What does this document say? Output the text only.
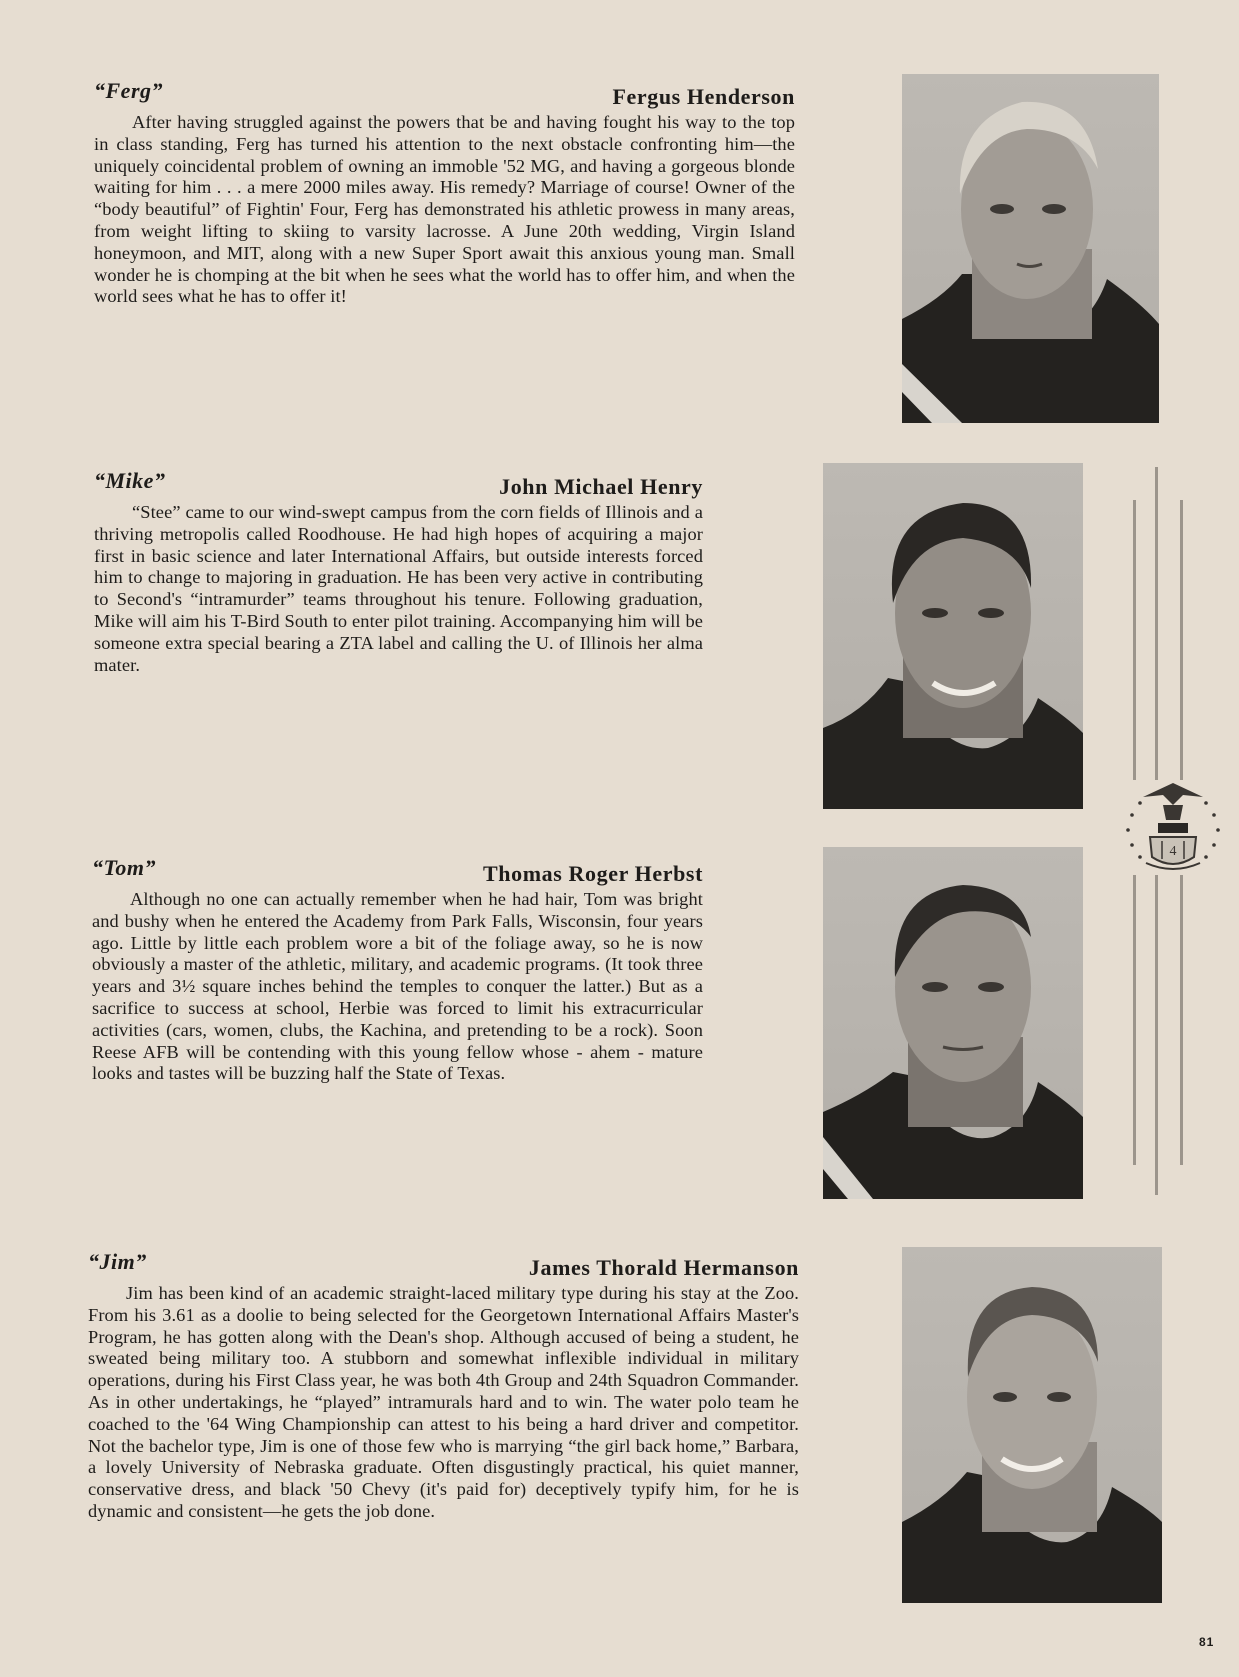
“Ferg”	Fergus Henderson

After having struggled against the powers that be and having fought his way to the top in class standing, Ferg has turned his attention to the next obstacle confronting him—the uniquely coincidental problem of owning an immoble '52 MG, and having a gorgeous blonde waiting for him . . . a mere 2000 miles away. His remedy? Marriage of course! Owner of the “body beautiful” of Fightin' Four, Ferg has demonstrated his athletic prowess in many areas, from weight lifting to skiing to varsity lacrosse. A June 20th wedding, Virgin Island honeymoon, and MIT, along with a new Super Sport await this anxious young man. Small wonder he is chomping at the bit when he sees what the world has to offer him, and when the world sees what he has to offer it!

“Mike”	John Michael Henry

“Stee” came to our wind-swept campus from the corn fields of Illinois and a thriving metropolis called Roodhouse. He had high hopes of acquiring a major first in basic science and later International Affairs, but outside interests forced him to change to majoring in graduation. He has been very active in contributing to Second's “intramurder” teams throughout his tenure. Following graduation, Mike will aim his T-Bird South to enter pilot training. Accompanying him will be someone extra special bearing a ZTA label and calling the U. of Illinois her alma mater.

“Tom”	Thomas Roger Herbst

Although no one can actually remember when he had hair, Tom was bright and bushy when he entered the Academy from Park Falls, Wisconsin, four years ago. Little by little each problem wore a bit of the foliage away, so he is now obviously a master of the athletic, military, and academic programs. (It took three years and 3½ square inches behind the temples to conquer the latter.) But as a sacrifice to success at school, Herbie was forced to limit his extracurricular activities (cars, women, clubs, the Kachina, and pretending to be a rock). Soon Reese AFB will be contending with this young fellow whose - ahem - mature looks and tastes will be buzzing half the State of Texas.

“Jim”	James Thorald Hermanson

Jim has been kind of an academic straight-laced military type during his stay at the Zoo. From his 3.61 as a doolie to being selected for the Georgetown International Affairs Master's Program, he has gotten along with the Dean's shop. Although accused of being a student, he sweated being military too. A stubborn and somewhat inflexible individual in military operations, during his First Class year, he was both 4th Group and 24th Squadron Commander. As in other undertakings, he “played” intramurals hard and to win. The water polo team he coached to the '64 Wing Championship can attest to his being a hard driver and competitor. Not the bachelor type, Jim is one of those few who is marrying “the girl back home,” Barbara, a lovely University of Nebraska graduate. Often disgustingly practical, his quiet manner, conservative dress, and black '50 Chevy (it's paid for) deceptively typify him, for he is dynamic and consistent—he gets the job done.

4
81
